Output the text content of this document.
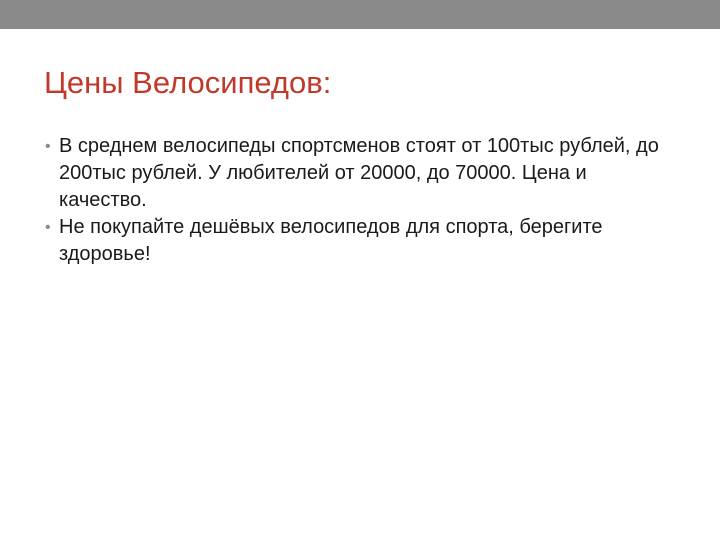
Цены Велосипедов:
• В среднем велосипеды спортсменов стоят от 100тыс рублей, до 200тыс рублей. У любителей от 20000, до 70000. Цена и качество.
• Не покупайте дешёвых велосипедов для спорта, берегите здоровье!
